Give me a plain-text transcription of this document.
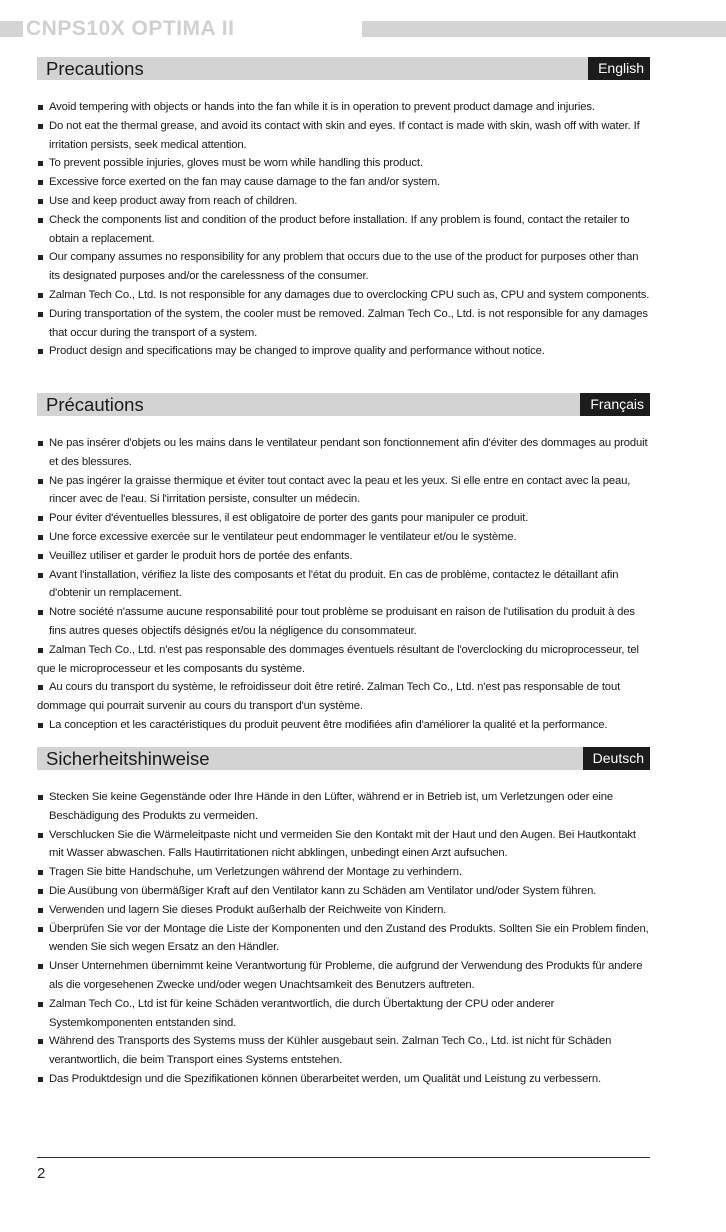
CNPS10X OPTIMA II
Precautions	English
Avoid tempering with objects or hands into the fan while it is in operation to prevent product damage and injuries.
Do not eat the thermal grease, and avoid its contact with skin and eyes. If contact is made with skin, wash off with water. If irritation persists, seek medical attention.
To prevent possible injuries, gloves must be worn while handling this product.
Excessive force exerted on the fan may cause damage to the fan and/or system.
Use and keep product away from reach of children.
Check the components list and condition of the product before installation. If any problem is found, contact the retailer to obtain a replacement.
Our company assumes no responsibility for any problem that occurs due to the use of the product for purposes other than its designated purposes and/or the carelessness of the consumer.
Zalman Tech Co., Ltd. Is not responsible for any damages due to overclocking CPU such as, CPU and system components.
During transportation of the system, the cooler must be removed. Zalman Tech Co., Ltd. is not responsible for any damages that occur during the transport of a system.
Product design and specifications may be changed to improve quality and performance without notice.
Précautions	Français
Ne pas insérer d'objets ou les mains dans le ventilateur pendant son fonctionnement afin d'éviter des dommages au produit et des blessures.
Ne pas ingérer la graisse thermique et éviter tout contact avec la peau et les yeux. Si elle entre en contact avec la peau, rincer avec de l'eau. Si l'irritation persiste, consulter un médecin.
Pour éviter d'éventuelles blessures, il est obligatoire de porter des gants pour manipuler ce produit.
Une force excessive exercée sur le ventilateur peut endommager le ventilateur et/ou le système.
Veuillez utiliser et garder le produit hors de portée des enfants.
Avant l'installation, vérifiez la liste des composants et l'état du produit. En cas de problème, contactez le détaillant afin d'obtenir un remplacement.
Notre société n'assume aucune responsabilité pour tout problème se produisant en raison de l'utilisation du produit à des fins autres queses objectifs désignés et/ou la négligence du consommateur.
Zalman Tech Co., Ltd. n'est pas responsable des dommages éventuels résultant de l'overclocking du microprocesseur, tel que le microprocesseur et les composants du système.
Au cours du transport du système, le refroidisseur doit être retiré. Zalman Tech Co., Ltd. n'est pas responsable de tout dommage qui pourrait survenir au cours du transport d'un système.
La conception et les caractéristiques du produit peuvent être modifiées afin d'améliorer la qualité et la performance.
Sicherheitshinweise	Deutsch
Stecken Sie keine Gegenstände oder Ihre Hände in den Lüfter, während er in Betrieb ist, um Verletzungen oder eine Beschädigung des Produkts zu vermeiden.
Verschlucken Sie die Wärmeleitpaste nicht und vermeiden Sie den Kontakt mit der Haut und den Augen. Bei Hautkontakt mit Wasser abwaschen. Falls Hautirritationen nicht abklingen, unbedingt einen Arzt aufsuchen.
Tragen Sie bitte Handschuhe, um Verletzungen während der Montage zu verhindern.
Die Ausübung von übermäßiger Kraft auf den Ventilator kann zu Schäden am Ventilator und/oder System führen.
Verwenden und lagern Sie dieses Produkt außerhalb der Reichweite von Kindern.
Überprüfen Sie vor der Montage die Liste der Komponenten und den Zustand des Produkts. Sollten Sie ein Problem finden, wenden Sie sich wegen Ersatz an den Händler.
Unser Unternehmen übernimmt keine Verantwortung für Probleme, die aufgrund der Verwendung des Produkts für andere als die vorgesehenen Zwecke und/oder wegen Unachtsamkeit des Benutzers auftreten.
Zalman Tech Co., Ltd ist für keine Schäden verantwortlich, die durch Übertaktung der CPU oder anderer Systemkomponenten entstanden sind.
Während des Transports des Systems muss der Kühler ausgebaut sein. Zalman Tech Co., Ltd. ist nicht für Schäden verantwortlich, die beim Transport eines Systems entstehen.
Das Produktdesign und die Spezifikationen können überarbeitet werden, um Qualität und Leistung zu verbessern.
2
